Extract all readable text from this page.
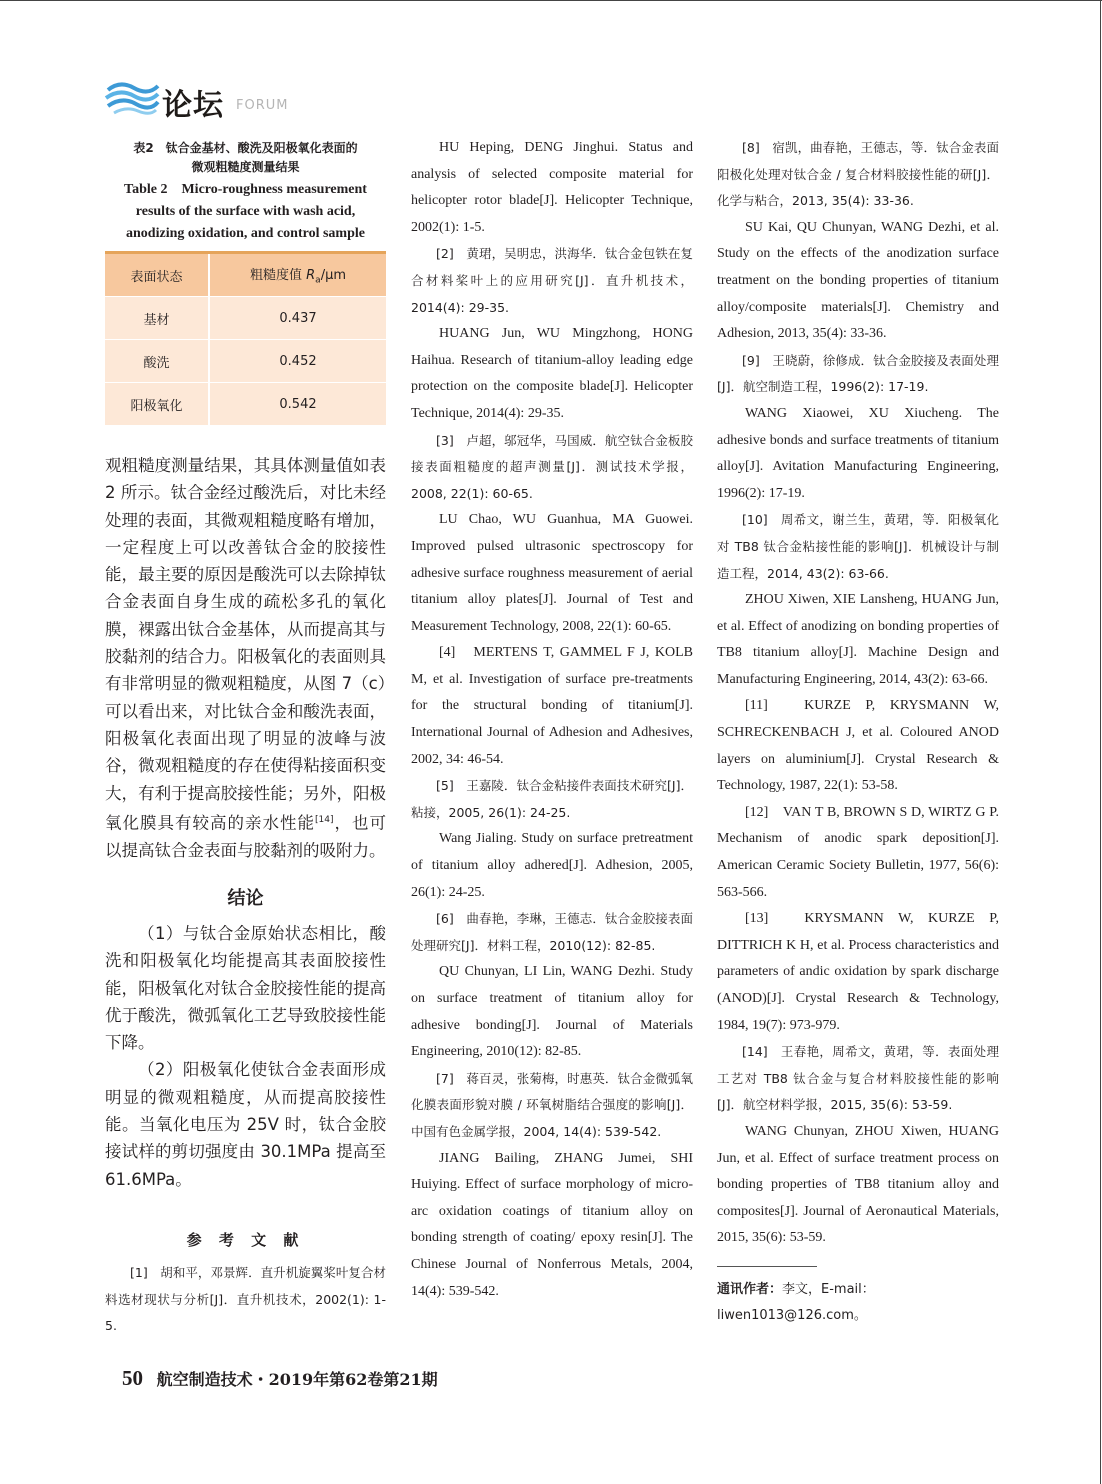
论坛 FORUM

表2　钛合金基材、酸洗及阳极氧化表面的

微观粗糙度测量结果

Table 2　Micro-roughness measurement

results of the surface with wash acid,

anodizing oxidation, and control sample

表面状态	粗糙度值 $R_a/\mu m$
基材	0.437
酸洗	0.452
阳极氧化	0.542

观粗糙度测量结果，其具体测量值如表 2 所示。钛合金经过酸洗后，对比未经处理的表面，其微观粗糙度略有增加，一定程度上可以改善钛合金的胶接性能，最主要的原因是酸洗可以去除掉钛合金表面自身生成的疏松多孔的氧化膜，裸露出钛合金基体，从而提高其与胶黏剂的结合力。阳极氧化的表面则具有非常明显的微观粗糙度，从图 7（c）可以看出来，对比钛合金和酸洗表面，阳极氧化表面出现了明显的波峰与波谷，微观粗糙度的存在使得粘接面积变大，有利于提高胶接性能；另外，阳极氧化膜具有较高的亲水性能[14]，也可以提高钛合金表面与胶黏剂的吸附力。

结论

（1）与钛合金原始状态相比，酸洗和阳极氧化均能提高其表面胶接性能，阳极氧化对钛合金胶接性能的提高优于酸洗，微弧氧化工艺导致胶接性能下降。

（2）阳极氧化使钛合金表面形成明显的微观粗糙度，从而提高胶接性能。当氧化电压为 25V 时，钛合金胶接试样的剪切强度由 30.1MPa 提高至 61.6MPa。

参 考 文 献

[1]　胡和平，邓景辉．直升机旋翼桨叶复合材料选材现状与分析[J]．直升机技术，2002(1): 1-5.

HU Heping, DENG Jinghui. Status and analysis of selected composite material for helicopter rotor blade[J]. Helicopter Technique, 2002(1): 1-5.

[2]　黄珺，吴明忠，洪海华．钛合金包铁在复合材料桨叶上的应用研究[J]．直升机技术，2014(4): 29-35.

HUANG Jun, WU Mingzhong, HONG Haihua. Research of titanium-alloy leading edge protection on the composite blade[J]. Helicopter Technique, 2014(4): 29-35.

[3]　卢超，邬冠华，马国威．航空钛合金板胶接表面粗糙度的超声测量[J]．测试技术学报，2008, 22(1): 60-65.

LU Chao, WU Guanhua, MA Guowei. Improved pulsed ultrasonic spectroscopy for adhesive surface roughness measurement of aerial titanium alloy plates[J]. Journal of Test and Measurement Technology, 2008, 22(1): 60-65.

[4]　MERTENS T, GAMMEL F J, KOLB M, et al. Investigation of surface pre-treatments for the structural bonding of titanium[J]. International Journal of Adhesion and Adhesives, 2002, 34: 46-54.

[5]　王嘉陵．钛合金粘接件表面技术研究[J]．粘接，2005, 26(1): 24-25.

Wang Jialing. Study on surface pretreatment of titanium alloy adhered[J]. Adhesion, 2005, 26(1): 24-25.

[6]　曲春艳，李琳，王德志．钛合金胶接表面处理研究[J]．材料工程，2010(12): 82-85.

QU Chunyan, LI Lin, WANG Dezhi. Study on surface treatment of titanium alloy for adhesive bonding[J]. Journal of Materials Engineering, 2010(12): 82-85.

[7]　蒋百灵，张菊梅，时惠英．钛合金微弧氧化膜表面形貌对膜 / 环氧树脂结合强度的影响[J]．中国有色金属学报，2004, 14(4): 539-542.

JIANG Bailing, ZHANG Jumei, SHI Huiying. Effect of surface morphology of micro-arc oxidation coatings of titanium alloy on bonding strength of coating/ epoxy resin[J]. The Chinese Journal of Nonferrous Metals, 2004, 14(4): 539-542.

[8]　宿凯，曲春艳，王德志，等．钛合金表面阳极化处理对钛合金 / 复合材料胶接性能的研[J]．化学与粘合，2013, 35(4): 33-36.

SU Kai, QU Chunyan, WANG Dezhi, et al. Study on the effects of the anodization surface treatment on the bonding properties of titanium alloy/composite materials[J]. Chemistry and Adhesion, 2013, 35(4): 33-36.

[9]　王晓蔚，徐修成．钛合金胶接及表面处理[J]．航空制造工程，1996(2): 17-19.

WANG Xiaowei, XU Xiucheng. The adhesive bonds and surface treatments of titanium alloy[J]. Avitation Manufacturing Engineering, 1996(2): 17-19.

[10]　周希文，谢兰生，黄珺，等．阳极氧化对 TB8 钛合金粘接性能的影响[J]．机械设计与制造工程，2014, 43(2): 63-66.

ZHOU Xiwen, XIE Lansheng, HUANG Jun, et al. Effect of anodizing on bonding properties of TB8 titanium alloy[J]. Machine Design and Manufacturing Engineering, 2014, 43(2): 63-66.

[11]　KURZE P, KRYSMANN W, SCHRECKENBACH J, et al. Coloured ANOD layers on aluminium[J]. Crystal Research & Technology, 1987, 22(1): 53-58.

[12]　VAN T B, BROWN S D, WIRTZ G P. Mechanism of anodic spark deposition[J]. American Ceramic Society Bulletin, 1977, 56(6): 563-566.

[13]　KRYSMANN W, KURZE P, DITTRICH K H, et al. Process characteristics and parameters of andic oxidation by spark discharge (ANOD)[J]. Crystal Research & Technology, 1984, 19(7): 973-979.

[14]　王春艳，周希文，黄珺，等．表面处理工艺对 TB8 钛合金与复合材料胶接性能的影响[J]．航空材料学报，2015, 35(6): 53-59.

WANG Chunyan, ZHOU Xiwen, HUANG Jun, et al. Effect of surface treatment process on bonding properties of TB8 titanium alloy and composites[J]. Journal of Aeronautical Materials, 2015, 35(6): 53-59.

通讯作者：李文，E-mail：liwen1013@126.com。

50 航空制造技术・2019年第62卷第21期
